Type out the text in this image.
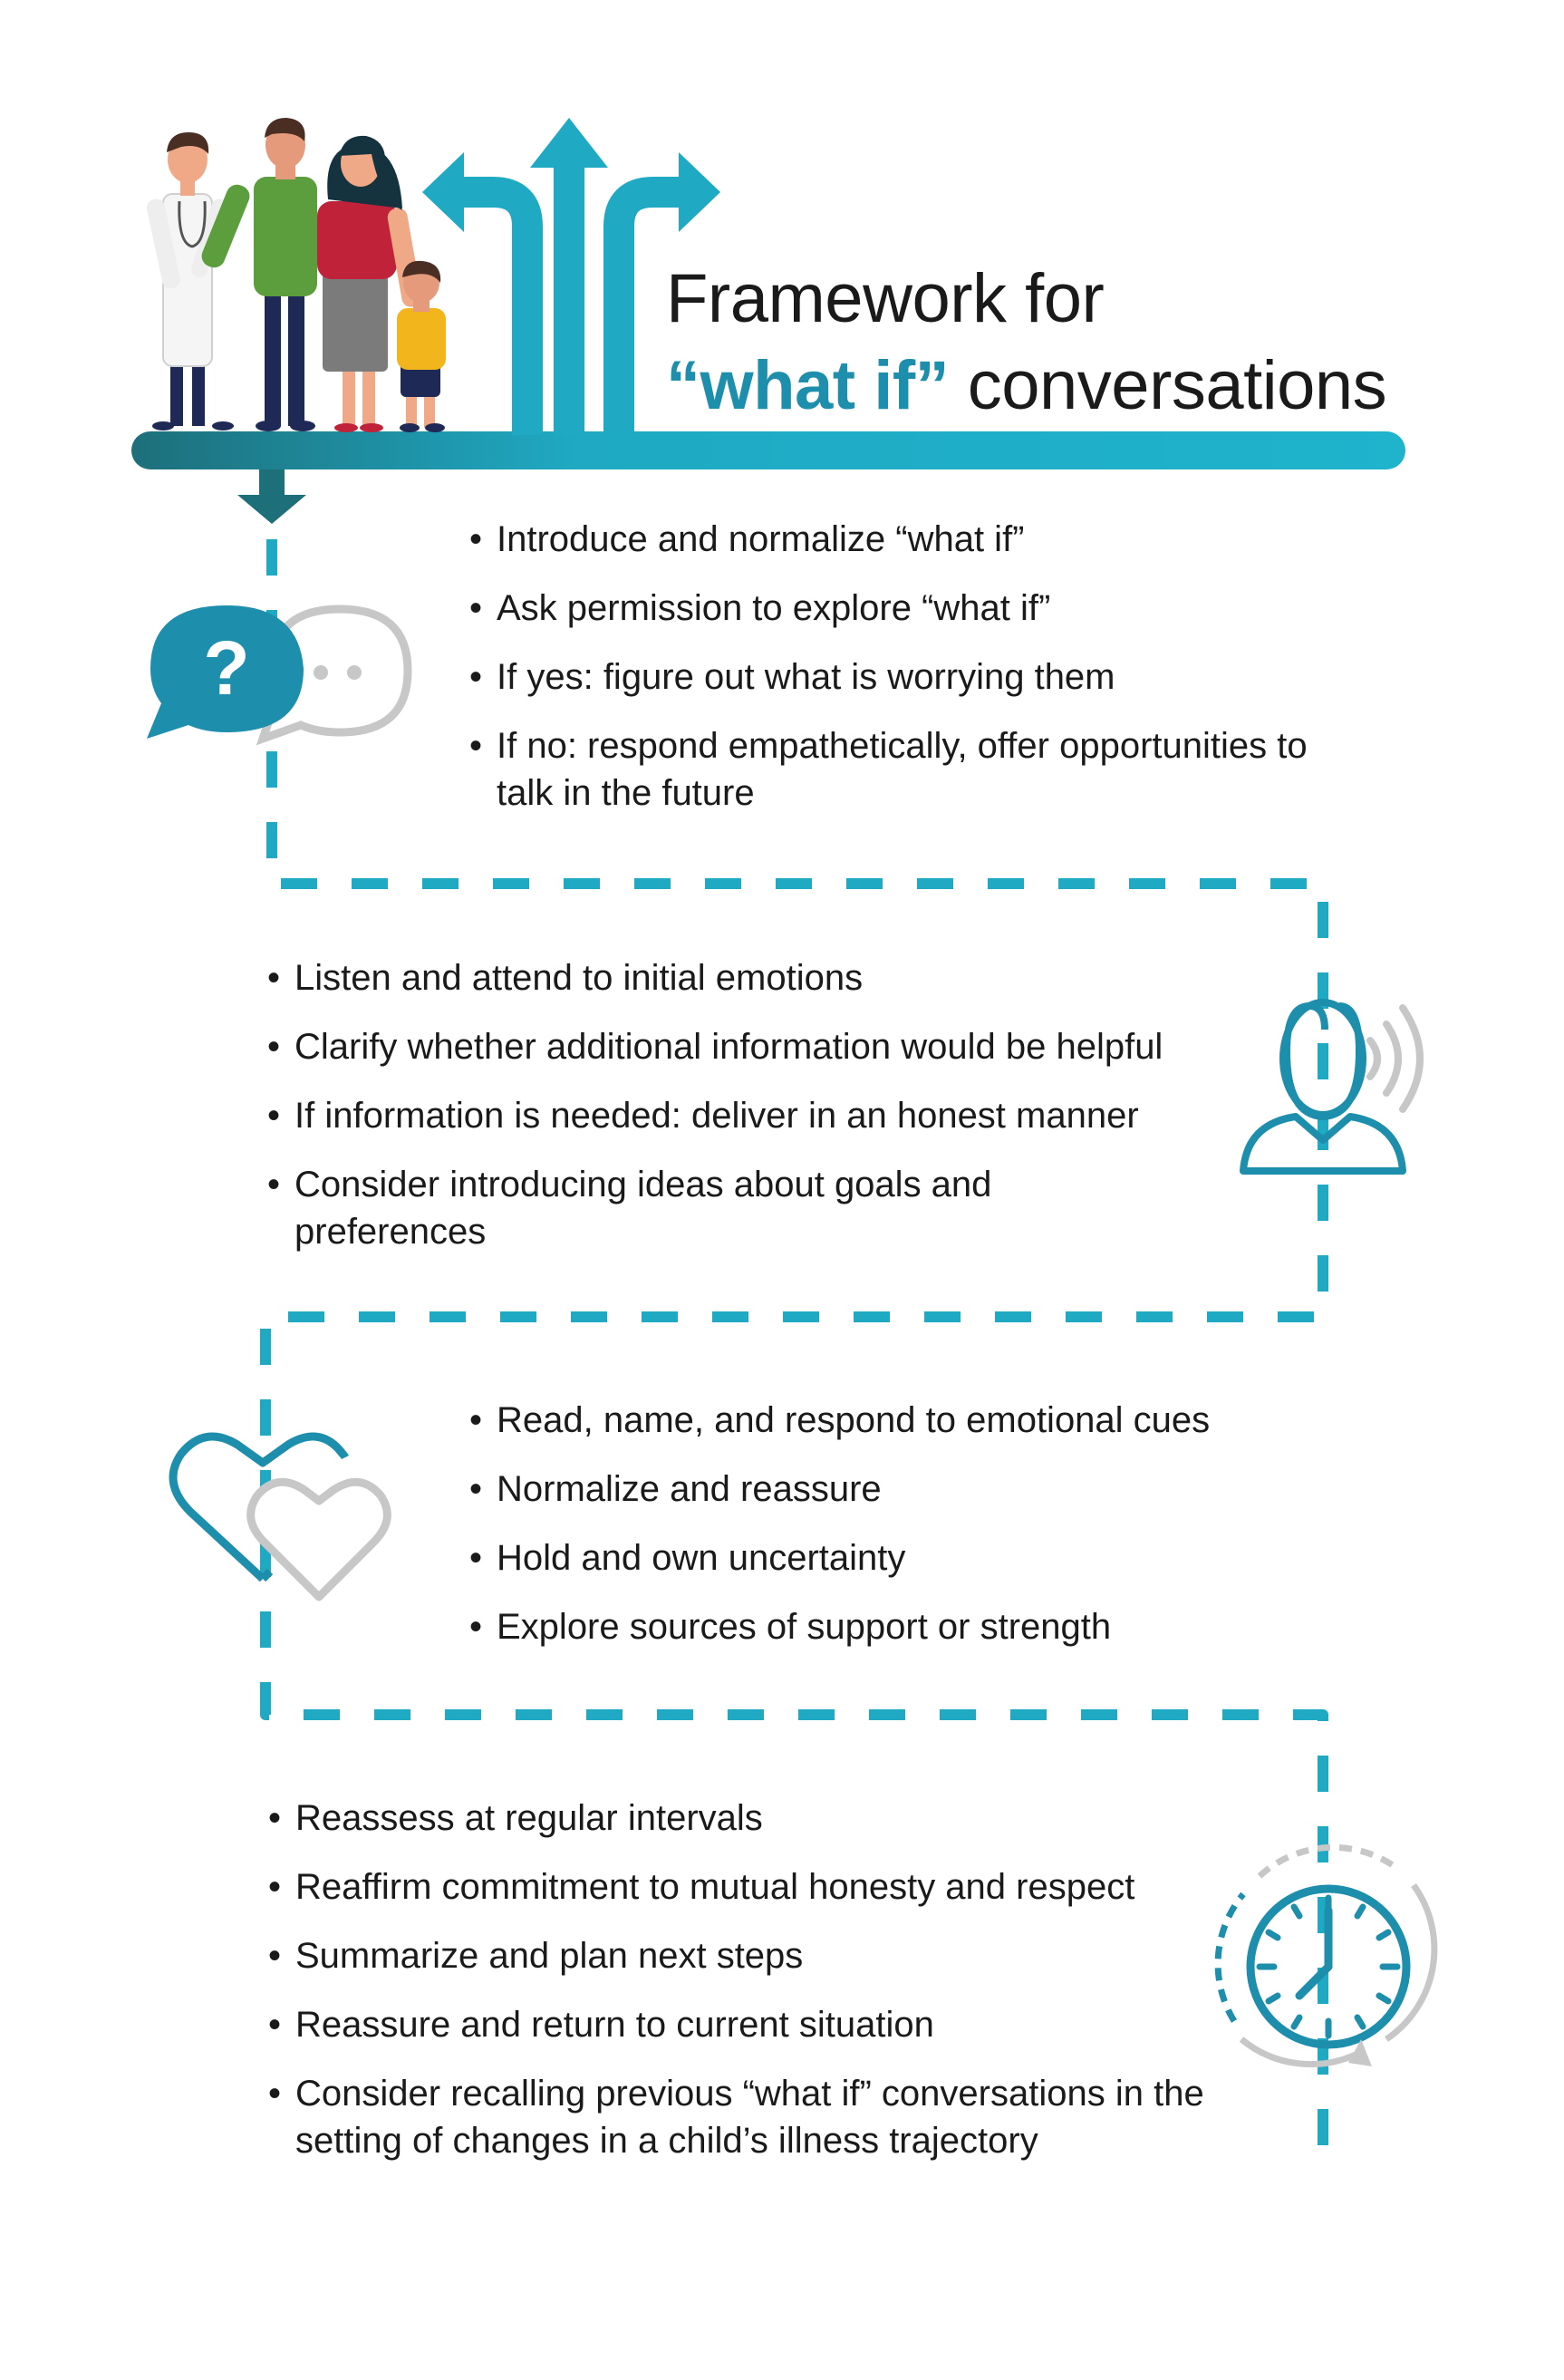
?
Framework for
“what if” conversations
• Introduce and normalize “what if”
• Ask permission to explore “what if”
• If yes: figure out what is worrying them
• If no: respond empathetically, offer opportunities to talk in the future
• Listen and attend to initial emotions
• Clarify whether additional information would be helpful
• If information is needed: deliver in an honest manner
• Consider introducing ideas about goals and preferences
• Read, name, and respond to emotional cues
• Normalize and reassure
• Hold and own uncertainty
• Explore sources of support or strength
• Reassess at regular intervals
• Reaffirm commitment to mutual honesty and respect
• Summarize and plan next steps
• Reassure and return to current situation
• Consider recalling previous “what if” conversations in the setting of changes in a child’s illness trajectory
